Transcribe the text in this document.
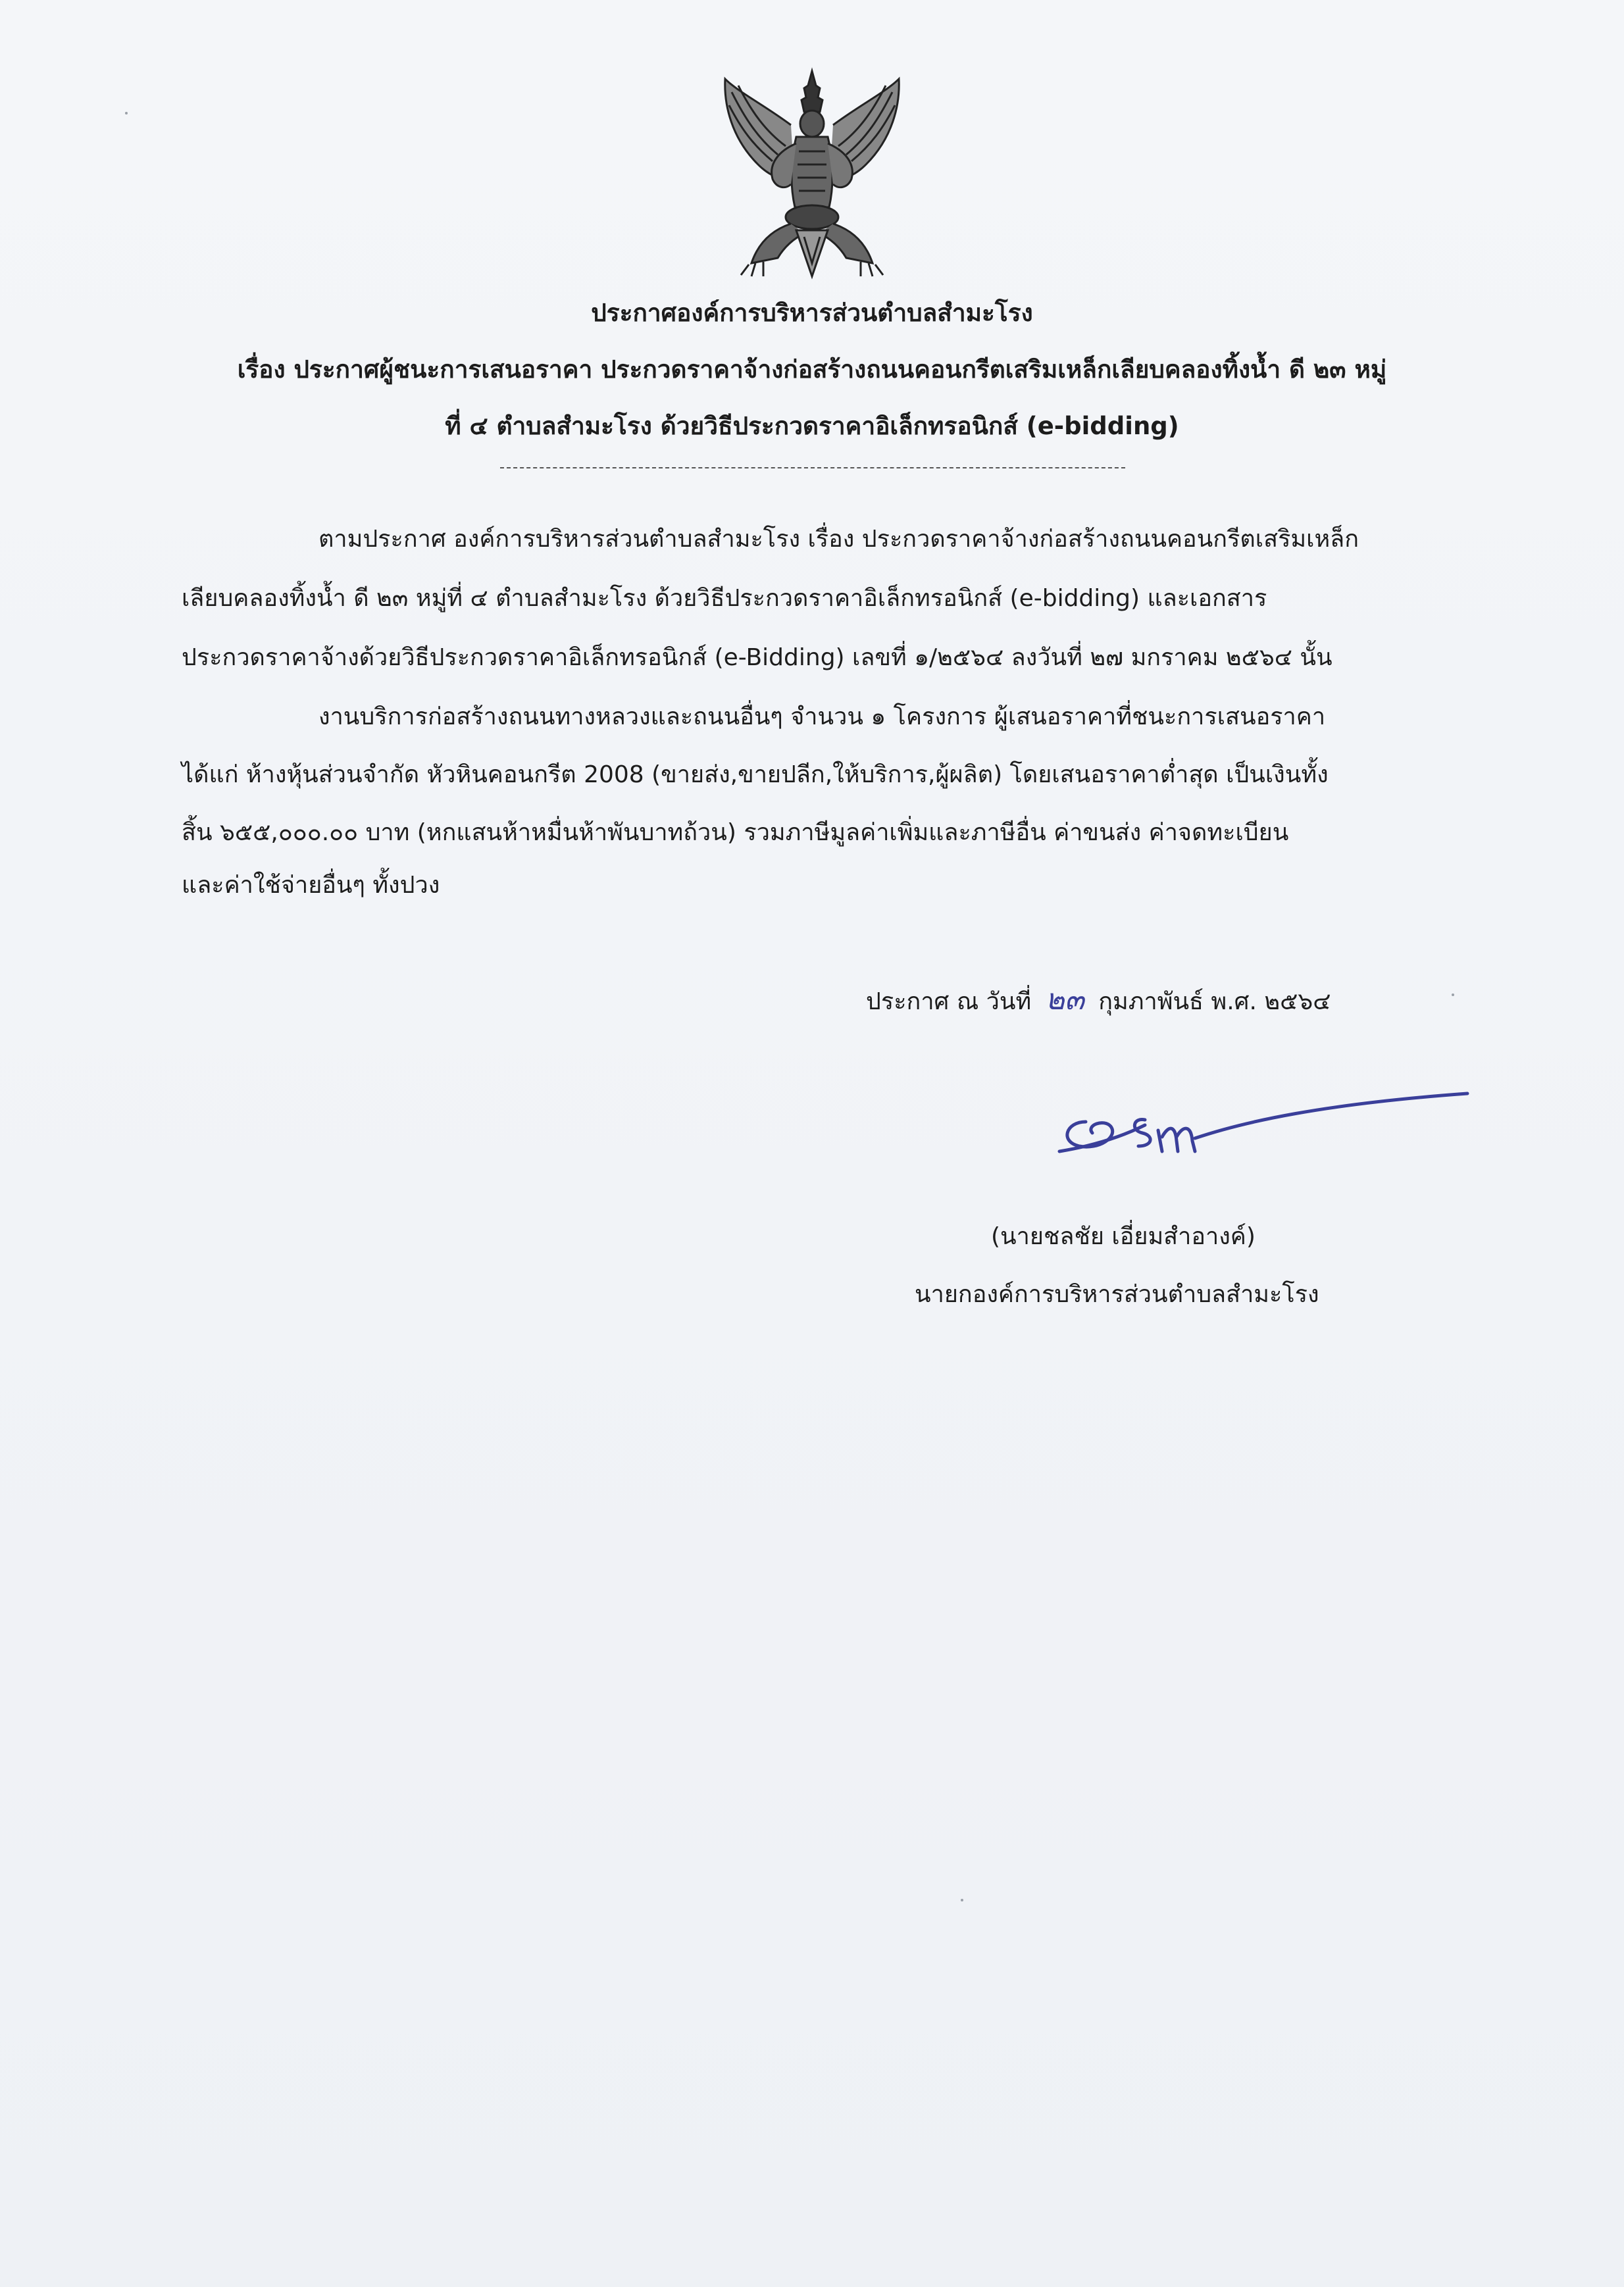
ประกาศองค์การบริหารส่วนตำบลสำมะโรง
เรื่อง ประกาศผู้ชนะการเสนอราคา ประกวดราคาจ้างก่อสร้างถนนคอนกรีตเสริมเหล็กเลียบคลองทิ้งน้ำ ดี ๒๓ หมู่
ที่ ๔ ตำบลสำมะโรง ด้วยวิธีประกวดราคาอิเล็กทรอนิกส์ (e-bidding)
ตามประกาศ องค์การบริหารส่วนตำบลสำมะโรง เรื่อง ประกวดราคาจ้างก่อสร้างถนนคอนกรีตเสริมเหล็ก
เลียบคลองทิ้งน้ำ ดี ๒๓ หมู่ที่ ๔ ตำบลสำมะโรง ด้วยวิธีประกวดราคาอิเล็กทรอนิกส์ (e-bidding) และเอกสาร
ประกวดราคาจ้างด้วยวิธีประกวดราคาอิเล็กทรอนิกส์ (e-Bidding) เลขที่ ๑/๒๕๖๔ ลงวันที่ ๒๗ มกราคม ๒๕๖๔ นั้น
งานบริการก่อสร้างถนนทางหลวงและถนนอื่นๆ จำนวน ๑ โครงการ ผู้เสนอราคาที่ชนะการเสนอราคา
ได้แก่ ห้างหุ้นส่วนจำกัด หัวหินคอนกรีต 2008 (ขายส่ง,ขายปลีก,ให้บริการ,ผู้ผลิต) โดยเสนอราคาต่ำสุด เป็นเงินทั้ง
สิ้น ๖๕๕,๐๐๐.๐๐ บาท (หกแสนห้าหมื่นห้าพันบาทถ้วน) รวมภาษีมูลค่าเพิ่มและภาษีอื่น ค่าขนส่ง ค่าจดทะเบียน
และค่าใช้จ่ายอื่นๆ ทั้งปวง
ประกาศ ณ วันที่ ๒๓ กุมภาพันธ์ พ.ศ. ๒๕๖๔
(นายชลชัย เอี่ยมสำอางค์)
นายกองค์การบริหารส่วนตำบลสำมะโรง
